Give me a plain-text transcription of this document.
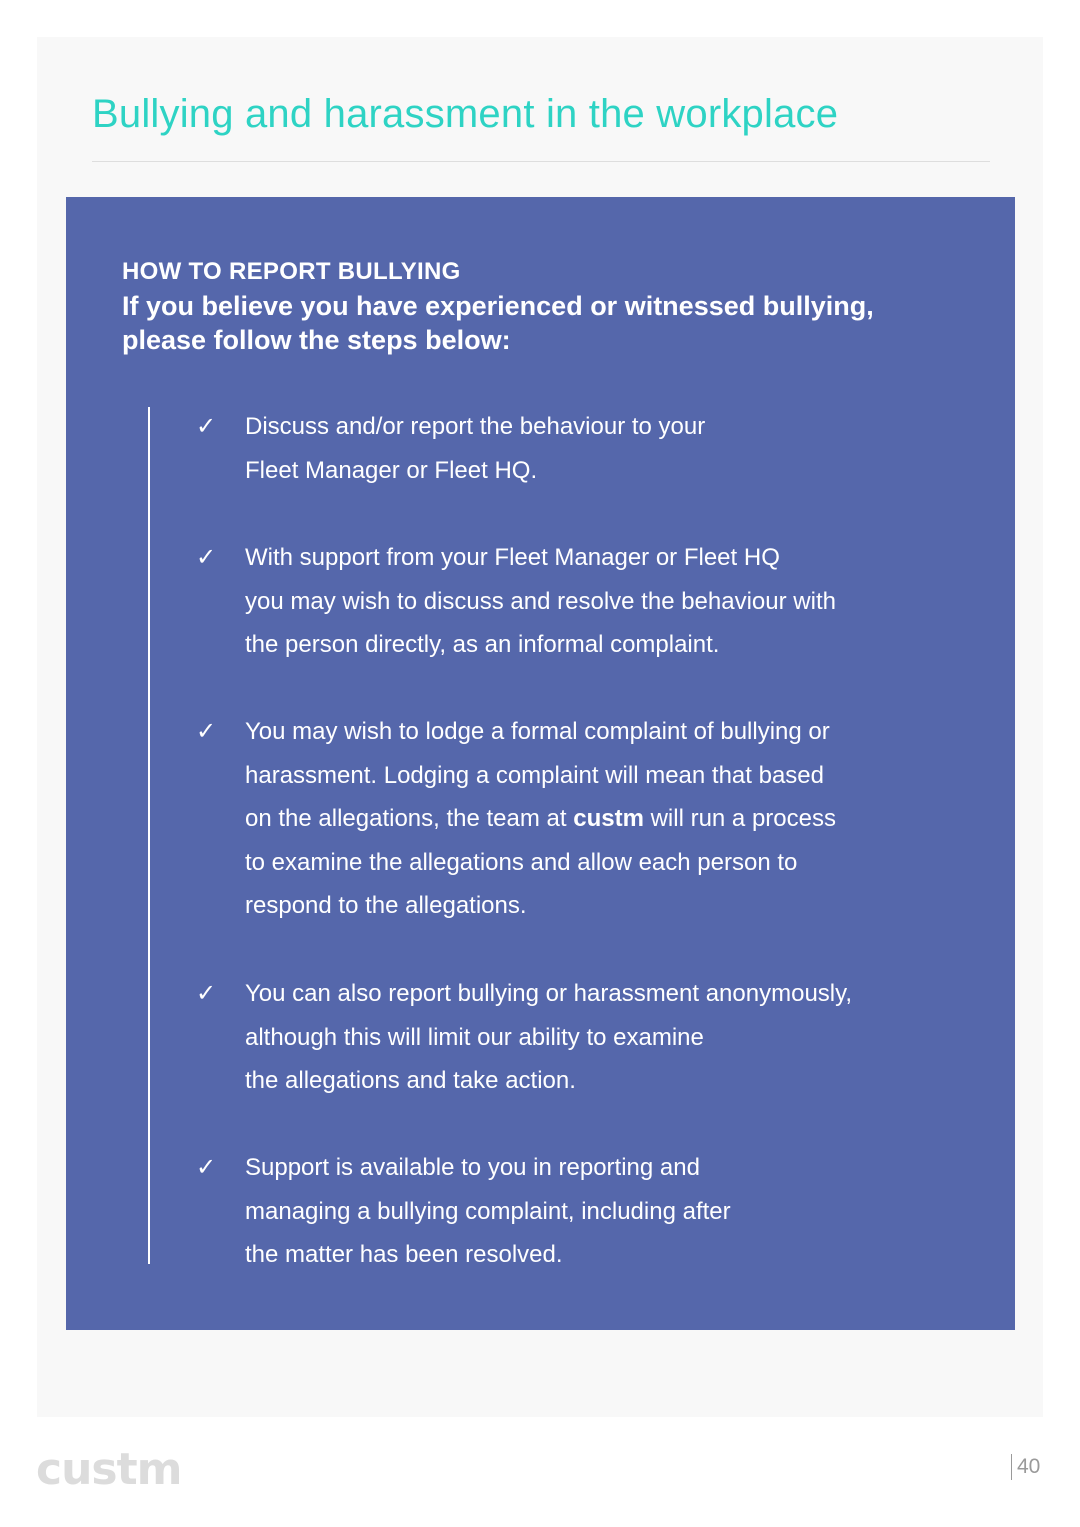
Bullying and harassment in the workplace
HOW TO REPORT BULLYING
If you believe you have experienced or witnessed bullying, please follow the steps below:
✓ Discuss and/or report the behaviour to your
Fleet Manager or Fleet HQ.
✓ With support from your Fleet Manager or Fleet HQ
you may wish to discuss and resolve the behaviour with
the person directly, as an informal complaint.
✓ You may wish to lodge a formal complaint of bullying or
harassment. Lodging a complaint will mean that based
on the allegations, the team at custm will run a process
to examine the allegations and allow each person to
respond to the allegations.
✓ You can also report bullying or harassment anonymously,
although this will limit our ability to examine
the allegations and take action.
✓ Support is available to you in reporting and
managing a bullying complaint, including after
the matter has been resolved.
custm	40
